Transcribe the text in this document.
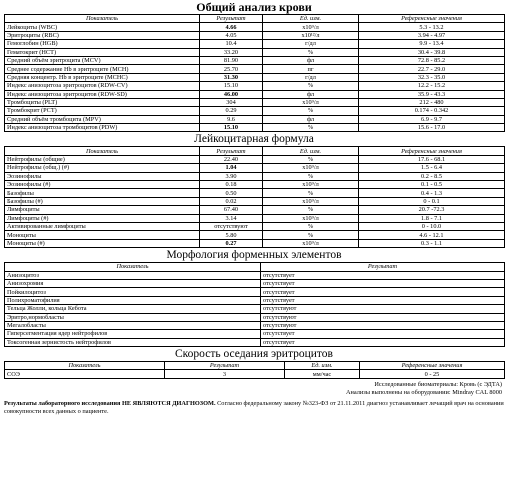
Общий анализ крови
Показатель	Результат	Ед. изм.	Референсные значения
Лейкоциты (WBC)	4.66	x10⁹/л	5.3 - 13.2
Эритроциты (RBC)	4.05	x10¹²/л	3.94 - 4.97
Гемоглобин (HGB)	10.4	г/дл	9.9 - 13.4
Гематокрит (HCT)	33.20	%	30.4 - 39.8
Средний объём эритроцита (MCV)	81.90	фл	72.8 - 85.2
Среднее содержание Hb в эритроците (MCH)	25.70	пг	22.7 - 29.0
Средняя концентр. Hb в эритроците (MCHC)	31.30	г/дл	32.3 - 35.0
Индекс анизоцитоза эритроцитов (RDW-CV)	15.10	%	12.2 - 15.2
Индекс анизоцитоза эритроцитов (RDW-SD)	46.00	фл	35.9 - 43.3
Тромбоциты (PLT)	304	x10⁹/л	212 - 480
Тромбокрит (PCT)	0.29	%	0.174 - 0.342
Средний объём тромбоцита (MPV)	9.6	фл	6.9 - 9.7
Индекс анизоцитоза тромбоцитов (PDW)	15.10	%	15.6 - 17.0
Лейкоцитарная формула
Показатель	Результат	Ед. изм.	Референсные значения
Нейтрофилы (общие)	22.40	%	17.6 - 68.1
Нейтрофилы (общ.) (#)	1.04	x10⁹/л	1.5 - 6.4
Эозинофилы	3.90	%	0.2 - 8.5
Эозинофилы (#)	0.18	x10⁹/л	0.1 - 0.5
Базофилы	0.50	%	0.4 - 1.3
Базофилы (#)	0.02	x10⁹/л	0 - 0.1
Лимфоциты	67.40	%	20.7 -72.3
Лимфоциты (#)	3.14	x10⁹/л	1.8 - 7.1
Активированные лимфоциты	отсутствуют	%	0 - 10.0
Моноциты	5.80	%	4.6 - 12.1
Моноциты (#)	0.27	x10⁹/л	0.3 - 1.1
Морфология форменных элементов
Показатель	Результат
Анизоцитоз	отсутствует
Анизохромия	отсутствует
Пойкилоцитоз	отсутствует
Полихроматофилия	отсутствует
Тельца Жолли, кольца Кебота	отсутствуют
Эритро,нормобласты	отсутствуют
Мегалобласты	отсутствуют
Гиперсегментация ядер нейтрофилов	отсутствует
Токсогенная зернистость нейтрофилов	отсутствует
Скорость оседания эритроцитов
Показатель	Результат	Ед. изм.	Референсные значения
СОЭ	3	мм/час	0 - 25
Исследованные биоматериалы: Кровь (с ЭДТА)
Анализы выполнены на оборудовании: Mindray CAL 8000
Результаты лабораторного исследования НЕ ЯВЛЯЮТСЯ ДИАГНОЗОМ. Согласно федеральному закону №323-ФЗ от 21.11.2011 диагноз устанавливает лечащий врач на основании совокупности всех данных о пациенте.
